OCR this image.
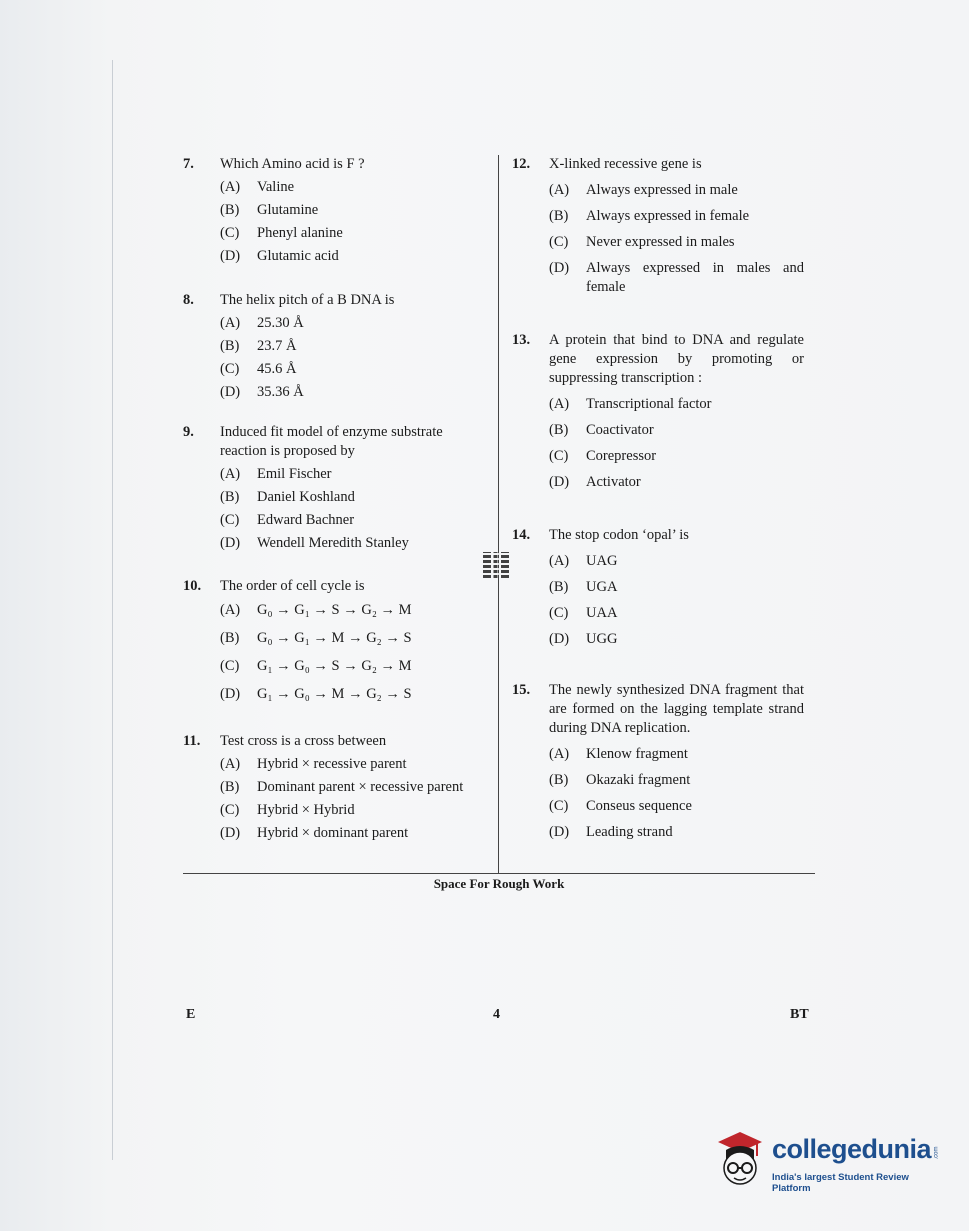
7. Which Amino acid is F ?
(A) Valine
(B) Glutamine
(C) Phenyl alanine
(D) Glutamic acid
8. The helix pitch of a B DNA is
(A) 25.30 Å
(B) 23.7 Å
(C) 45.6 Å
(D) 35.36 Å
9. Induced fit model of enzyme substrate reaction is proposed by
(A) Emil Fischer
(B) Daniel Koshland
(C) Edward Bachner
(D) Wendell Meredith Stanley
10. The order of cell cycle is
(A) G₀ → G₁ → S → G₂ → M
(B) G₀ → G₁ → M → G₂ → S
(C) G₁ → G₀ → S → G₂ → M
(D) G₁ → G₀ → M → G₂ → S
11. Test cross is a cross between
(A) Hybrid × recessive parent
(B) Dominant parent × recessive parent
(C) Hybrid × Hybrid
(D) Hybrid × dominant parent
12. X-linked recessive gene is
(A) Always expressed in male
(B) Always expressed in female
(C) Never expressed in males
(D) Always expressed in males and female
13. A protein that bind to DNA and regulate gene expression by promoting or suppressing transcription :
(A) Transcriptional factor
(B) Coactivator
(C) Corepressor
(D) Activator
14. The stop codon ‘opal’ is
(A) UAG
(B) UGA
(C) UAA
(D) UGG
15. The newly synthesized DNA fragment that are formed on the lagging template strand during DNA replication.
(A) Klenow fragment
(B) Okazaki fragment
(C) Conseus sequence
(D) Leading strand
Space For Rough Work
E	4	BT
collegedunia .com
India's largest Student Review Platform
